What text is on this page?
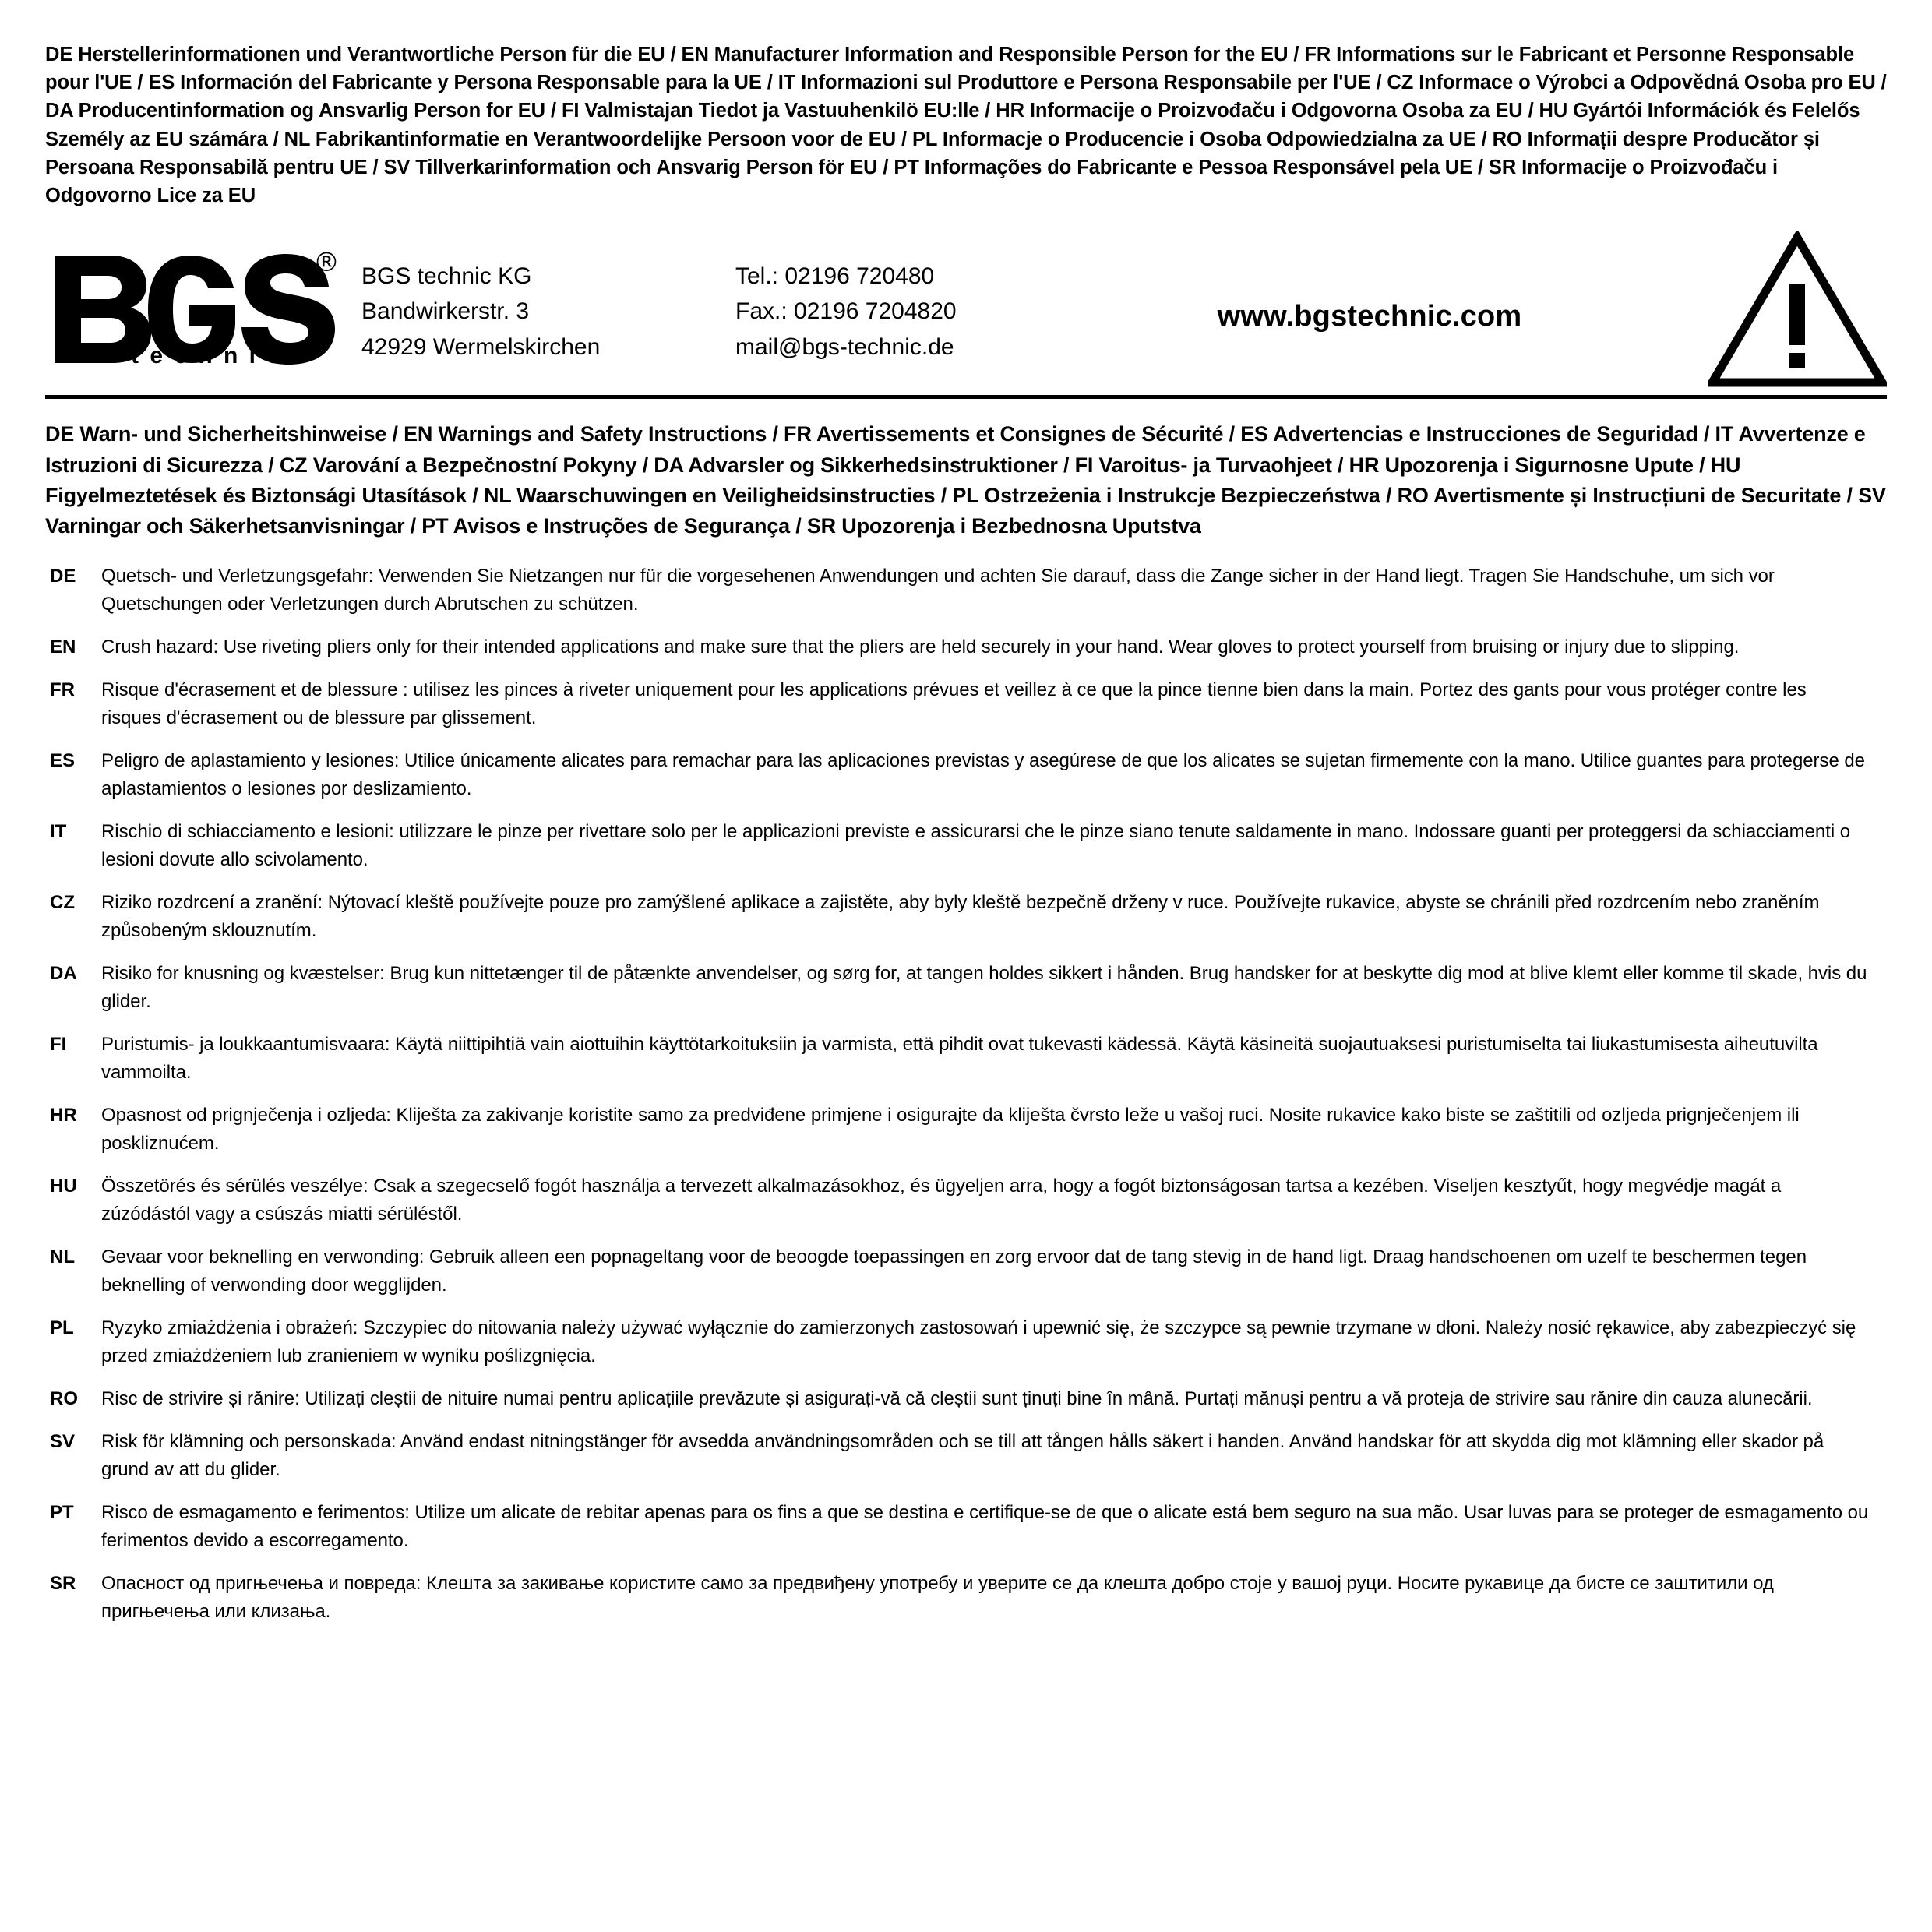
DE Herstellerinformationen und Verantwortliche Person für die EU / EN Manufacturer Information and Responsible Person for the EU / FR Informations sur le Fabricant et Personne Responsable pour l'UE / ES Información del Fabricante y Persona Responsable para la UE / IT Informazioni sul Produttore e Persona Responsabile per l'UE / CZ Informace o Výrobci a Odpovědná Osoba pro EU / DA Producentinformation og Ansvarlig Person for EU / FI Valmistajan Tiedot ja Vastuuhenkilö EU:lle / HR Informacije o Proizvođaču i Odgovorna Osoba za EU / HU Gyártói Információk és Felelős Személy az EU számára / NL Fabrikantinformatie en Verantwoordelijke Persoon voor de EU / PL Informacje o Producencie i Osoba Odpowiedzialna za UE / RO Informații despre Producător și Persoana Responsabilă pentru UE / SV Tillverkarinformation och Ansvarig Person för EU / PT Informações do Fabricante e Pessoa Responsável pela UE / SR Informacije o Proizvođaču i Odgovorno Lice za EU
®
t e c h n i c
BGS technic KG
Bandwirkerstr. 3
42929 Wermelskirchen
Tel.: 02196 720480
Fax.: 02196 7204820
mail@bgs-technic.de
www.bgstechnic.com
DE Warn- und Sicherheitshinweise / EN Warnings and Safety Instructions / FR Avertissements et Consignes de Sécurité / ES Advertencias e Instrucciones de Seguridad / IT Avvertenze e Istruzioni di Sicurezza / CZ Varování a Bezpečnostní Pokyny / DA Advarsler og Sikkerhedsinstruktioner / FI Varoitus- ja Turvaohjeet / HR Upozorenja i Sigurnosne Upute / HU Figyelmeztetések és Biztonsági Utasítások / NL Waarschuwingen en Veiligheidsinstructies / PL Ostrzeżenia i Instrukcje Bezpieczeństwa / RO Avertismente și Instrucțiuni de Securitate / SV Varningar och Säkerhetsanvisningar / PT Avisos e Instruções de Segurança / SR Upozorenja i Bezbednosna Uputstva
DE	Quetsch- und Verletzungsgefahr: Verwenden Sie Nietzangen nur für die vorgesehenen Anwendungen und achten Sie darauf, dass die Zange sicher in der Hand liegt. Tragen Sie Handschuhe, um sich vor Quetschungen oder Verletzungen durch Abrutschen zu schützen.
EN	Crush hazard: Use riveting pliers only for their intended applications and make sure that the pliers are held securely in your hand. Wear gloves to protect yourself from bruising or injury due to slipping.
FR	Risque d'écrasement et de blessure : utilisez les pinces à riveter uniquement pour les applications prévues et veillez à ce que la pince tienne bien dans la main. Portez des gants pour vous protéger contre les risques d'écrasement ou de blessure par glissement.
ES	Peligro de aplastamiento y lesiones: Utilice únicamente alicates para remachar para las aplicaciones previstas y asegúrese de que los alicates se sujetan firmemente con la mano. Utilice guantes para protegerse de aplastamientos o lesiones por deslizamiento.
IT	Rischio di schiacciamento e lesioni: utilizzare le pinze per rivettare solo per le applicazioni previste e assicurarsi che le pinze siano tenute saldamente in mano. Indossare guanti per proteggersi da schiacciamenti o lesioni dovute allo scivolamento.
CZ	Riziko rozdrcení a zranění: Nýtovací kleště používejte pouze pro zamýšlené aplikace a zajistěte, aby byly kleště bezpečně drženy v ruce. Používejte rukavice, abyste se chránili před rozdrcením nebo zraněním způsobeným sklouznutím.
DA	Risiko for knusning og kvæstelser: Brug kun nittetænger til de påtænkte anvendelser, og sørg for, at tangen holdes sikkert i hånden. Brug handsker for at beskytte dig mod at blive klemt eller komme til skade, hvis du glider.
FI	Puristumis- ja loukkaantumisvaara: Käytä niittipihtiä vain aiottuihin käyttötarkoituksiin ja varmista, että pihdit ovat tukevasti kädessä. Käytä käsineitä suojautuaksesi puristumiselta tai liukastumisesta aiheutuvilta vammoilta.
HR	Opasnost od prignječenja i ozljeda: Kliješta za zakivanje koristite samo za predviđene primjene i osigurajte da kliješta čvrsto leže u vašoj ruci. Nosite rukavice kako biste se zaštitili od ozljeda prignječenjem ili poskliznućem.
HU	Összetörés és sérülés veszélye: Csak a szegecselő fogót használja a tervezett alkalmazásokhoz, és ügyeljen arra, hogy a fogót biztonságosan tartsa a kezében. Viseljen kesztyűt, hogy megvédje magát a zúzódástól vagy a csúszás miatti sérüléstől.
NL	Gevaar voor beknelling en verwonding: Gebruik alleen een popnageltang voor de beoogde toepassingen en zorg ervoor dat de tang stevig in de hand ligt. Draag handschoenen om uzelf te beschermen tegen beknelling of verwonding door wegglijden.
PL	Ryzyko zmiażdżenia i obrażeń: Szczypiec do nitowania należy używać wyłącznie do zamierzonych zastosowań i upewnić się, że szczypce są pewnie trzymane w dłoni. Należy nosić rękawice, aby zabezpieczyć się przed zmiażdżeniem lub zranieniem w wyniku poślizgnięcia.
RO	Risc de strivire și rănire: Utilizați cleștii de nituire numai pentru aplicațiile prevăzute și asigurați-vă că cleștii sunt ținuți bine în mână. Purtați mănuși pentru a vă proteja de strivire sau rănire din cauza alunecării.
SV	Risk för klämning och personskada: Använd endast nitningstänger för avsedda användningsområden och se till att tången hålls säkert i handen. Använd handskar för att skydda dig mot klämning eller skador på grund av att du glider.
PT	Risco de esmagamento e ferimentos: Utilize um alicate de rebitar apenas para os fins a que se destina e certifique-se de que o alicate está bem seguro na sua mão. Usar luvas para se proteger de esmagamento ou ferimentos devido a escorregamento.
SR	Опасност од пригњечења и повреда: Клешта за закивање користите само за предвиђену употребу и уверите се да клешта добро стоје у вашој руци. Носите рукавице да бисте се заштитили од пригњечења или клизања.
